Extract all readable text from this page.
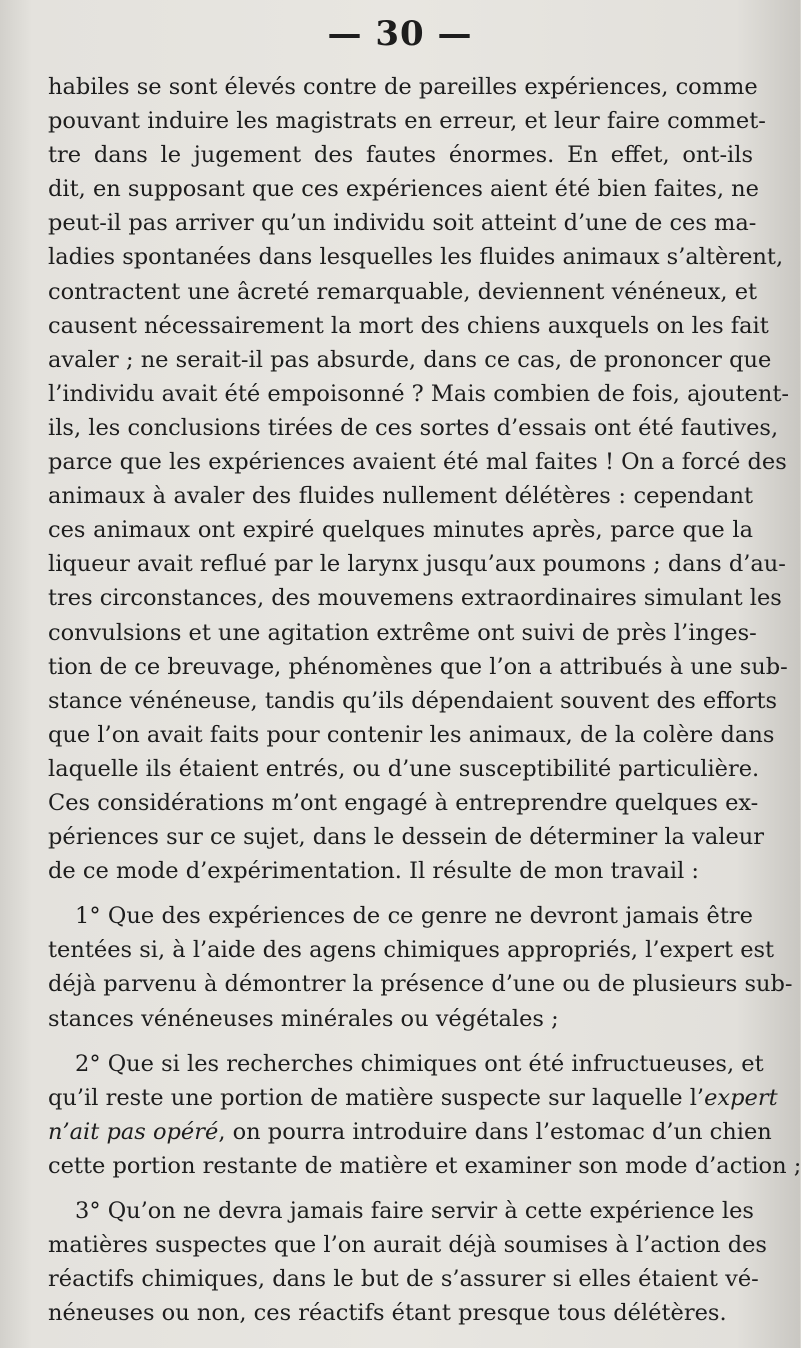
— 30 —
habiles se sont élevés contre de pareilles expériences, comme
pouvant induire les magistrats en erreur, et leur faire commet-
tre dans le jugement des fautes énormes. En effet, ont-ils
dit, en supposant que ces expériences aient été bien faites, ne
peut-il pas arriver qu’un individu soit atteint d’une de ces ma-
ladies spontanées dans lesquelles les fluides animaux s’altèrent,
contractent une âcreté remarquable, deviennent vénéneux, et
causent nécessairement la mort des chiens auxquels on les fait
avaler ; ne serait-il pas absurde, dans ce cas, de prononcer que
l’individu avait été empoisonné ? Mais combien de fois, ajoutent-
ils, les conclusions tirées de ces sortes d’essais ont été fautives,
parce que les expériences avaient été mal faites ! On a forcé des
animaux à avaler des fluides nullement délétères : cependant
ces animaux ont expiré quelques minutes après, parce que la
liqueur avait reflué par le larynx jusqu’aux poumons ; dans d’au-
tres circonstances, des mouvemens extraordinaires simulant les
convulsions et une agitation extrême ont suivi de près l’inges-
tion de ce breuvage, phénomènes que l’on a attribués à une sub-
stance vénéneuse, tandis qu’ils dépendaient souvent des efforts
que l’on avait faits pour contenir les animaux, de la colère dans
laquelle ils étaient entrés, ou d’une susceptibilité particulière.
Ces considérations m’ont engagé à entreprendre quelques ex-
périences sur ce sujet, dans le dessein de déterminer la valeur
de ce mode d’expérimentation. Il résulte de mon travail :
1° Que des expériences de ce genre ne devront jamais être
tentées si, à l’aide des agens chimiques appropriés, l’expert est
déjà parvenu à démontrer la présence d’une ou de plusieurs sub-
stances vénéneuses minérales ou végétales ;
2° Que si les recherches chimiques ont été infructueuses, et
qu’il reste une portion de matière suspecte sur laquelle l’expert
n’ait pas opéré, on pourra introduire dans l’estomac d’un chien
cette portion restante de matière et examiner son mode d’action ;
3° Qu’on ne devra jamais faire servir à cette expérience les
matières suspectes que l’on aurait déjà soumises à l’action des
réactifs chimiques, dans le but de s’assurer si elles étaient vé-
néneuses ou non, ces réactifs étant presque tous délétères.
